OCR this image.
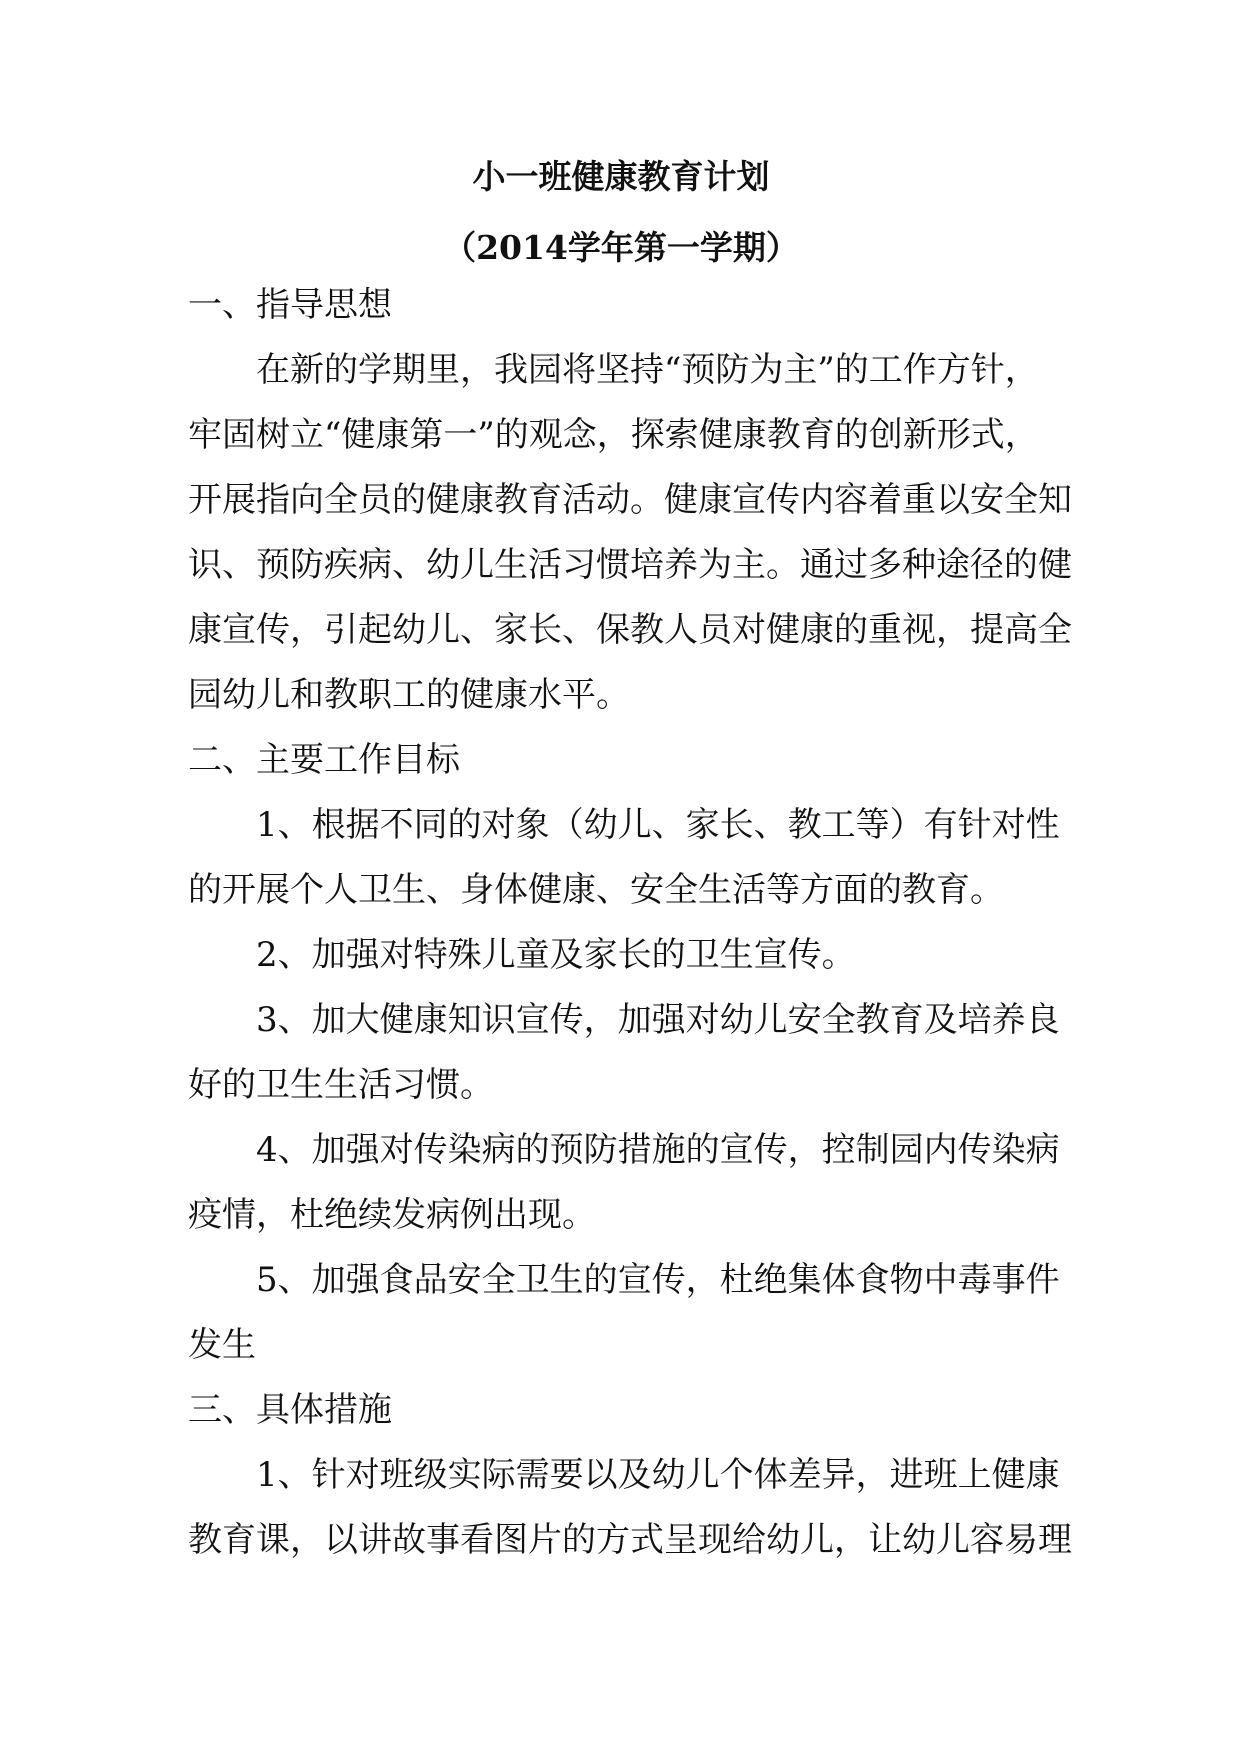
小一班健康教育计划
（2014学年第一学期）

一、指导思想

在新的学期里，我园将坚持“预防为主”的工作方针，

牢固树立“健康第一”的观念，探索健康教育的创新形式，

开展指向全员的健康教育活动。健康宣传内容着重以安全知

识、预防疾病、幼儿生活习惯培养为主。通过多种途径的健

康宣传，引起幼儿、家长、保教人员对健康的重视，提高全

园幼儿和教职工的健康水平。

二、主要工作目标

1、根据不同的对象（幼儿、家长、教工等）有针对性

的开展个人卫生、身体健康、安全生活等方面的教育。

2、加强对特殊儿童及家长的卫生宣传。

3、加大健康知识宣传，加强对幼儿安全教育及培养良

好的卫生生活习惯。

4、加强对传染病的预防措施的宣传，控制园内传染病

疫情，杜绝续发病例出现。

5、加强食品安全卫生的宣传，杜绝集体食物中毒事件

发生

三、具体措施

1、针对班级实际需要以及幼儿个体差异，进班上健康

教育课，以讲故事看图片的方式呈现给幼儿，让幼儿容易理
